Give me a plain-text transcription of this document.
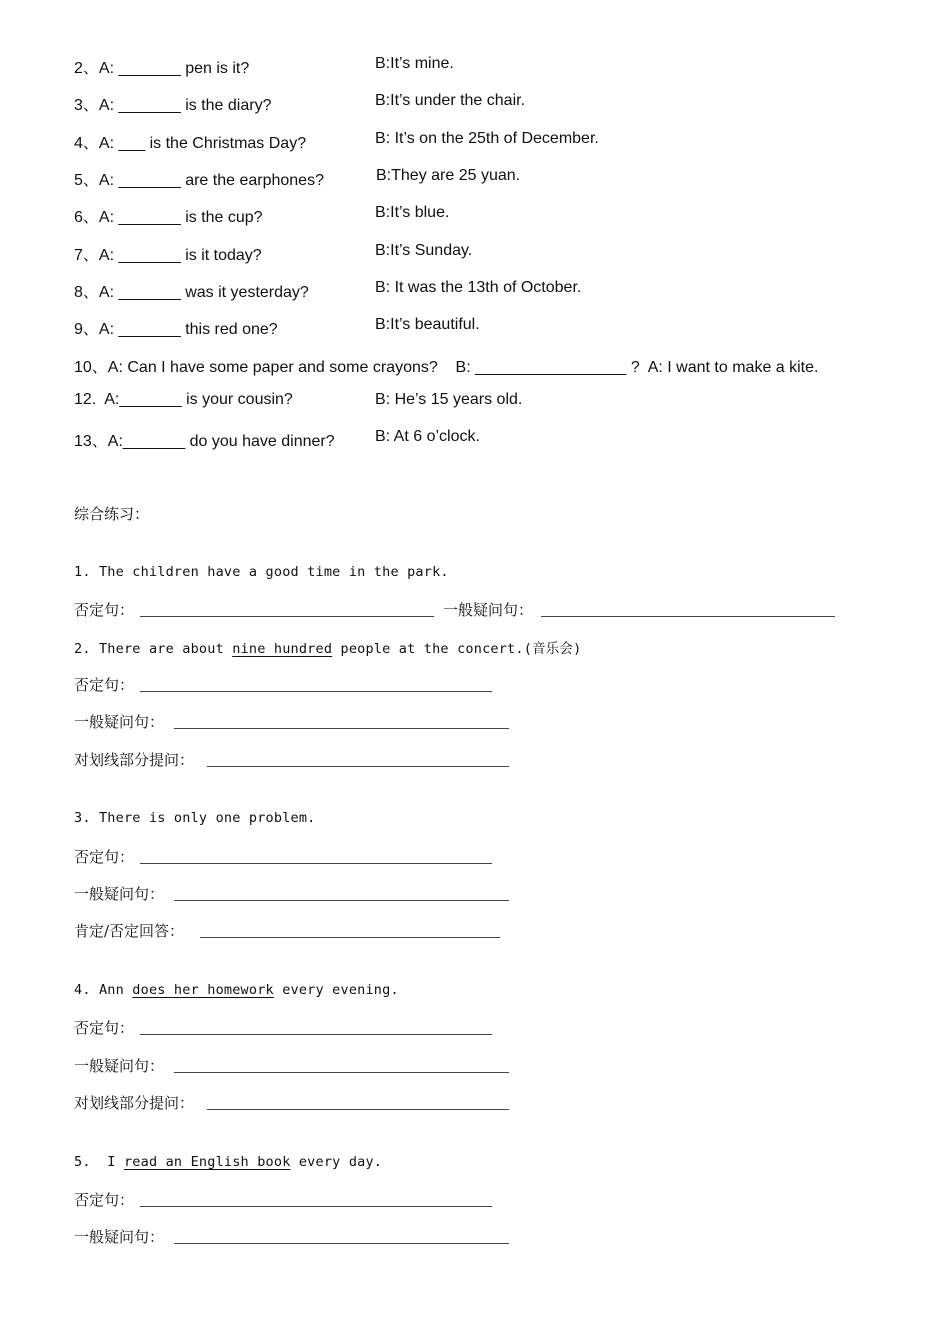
2、A: _______ pen is it?	B:It’s mine.
3、A: _______ is the diary?	B:It’s under the chair.
4、A: ___ is the Christmas Day?	B: It’s on the 25th of December.
5、A: _______ are the earphones?	B:They are 25 yuan.
6、A: _______ is the cup?	B:It’s blue.
7、A: _______ is it today?	B:It’s Sunday.
8、A: _______ was it yesterday?	B: It was the 13th of October.
9、A: _______ this red one?	B:It’s beautiful.
10、A: Can I have some paper and some crayons?    B: _________________ ?  A: I want to make a kite.
12.  A:_______ is your cousin?	B: He’s 15 years old.
13、A:_______ do you have dinner?	B: At 6 o’clock.
综合练习：
1. The children have a good time in the park.
否定句：	一般疑问句：
2. There are about nine hundred people at the concert.(音乐会)
否定句：
一般疑问句：
对划线部分提问：
3. There is only one problem.
否定句：
一般疑问句：
肯定/否定回答：
4. Ann does her homework every evening.
否定句：
一般疑问句：
对划线部分提问：
5.  I read an English book every day.
否定句：
一般疑问句：
